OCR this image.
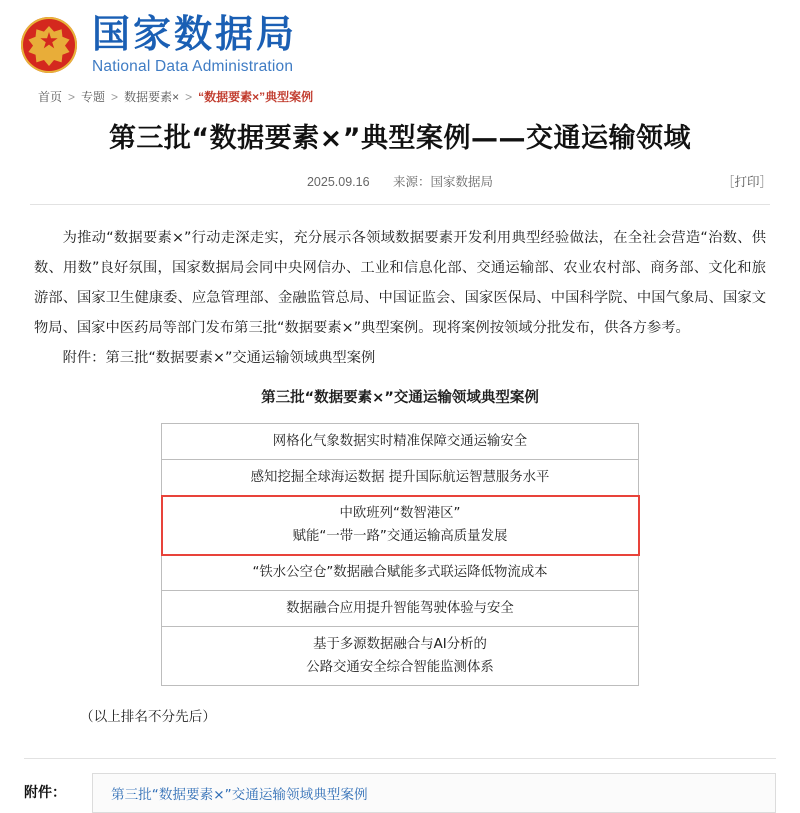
国家数据局
National Data Administration
首页 > 专题 > 数据要素× > “数据要素×”典型案例
第三批“数据要素×”典型案例——交通运输领域
2025.09.16 来源：国家数据局	［打印］

为推动“数据要素×”行动走深走实，充分展示各领域数据要素开发利用典型经验做法，在全社会营造“治数、供数、用数”良好氛围，国家数据局会同中央网信办、工业和信息化部、交通运输部、农业农村部、商务部、文化和旅游部、国家卫生健康委、应急管理部、金融监管总局、中国证监会、国家医保局、中国科学院、中国气象局、国家文物局、国家中医药局等部门发布第三批“数据要素×”典型案例。现将案例按领域分批发布，供各方参考。

附件：第三批“数据要素×”交通运输领域典型案例

第三批“数据要素×”交通运输领域典型案例
网格化气象数据实时精准保障交通运输安全
感知挖掘全球海运数据 提升国际航运智慧服务水平
中欧班列“数智港区”
赋能“一带一路”交通运输高质量发展
“铁水公空仓”数据融合赋能多式联运降低物流成本
数据融合应用提升智能驾驶体验与安全
基于多源数据融合与AI分析的
公路交通安全综合智能监测体系
（以上排名不分先后）
附件：	第三批“数据要素×”交通运输领域典型案例
